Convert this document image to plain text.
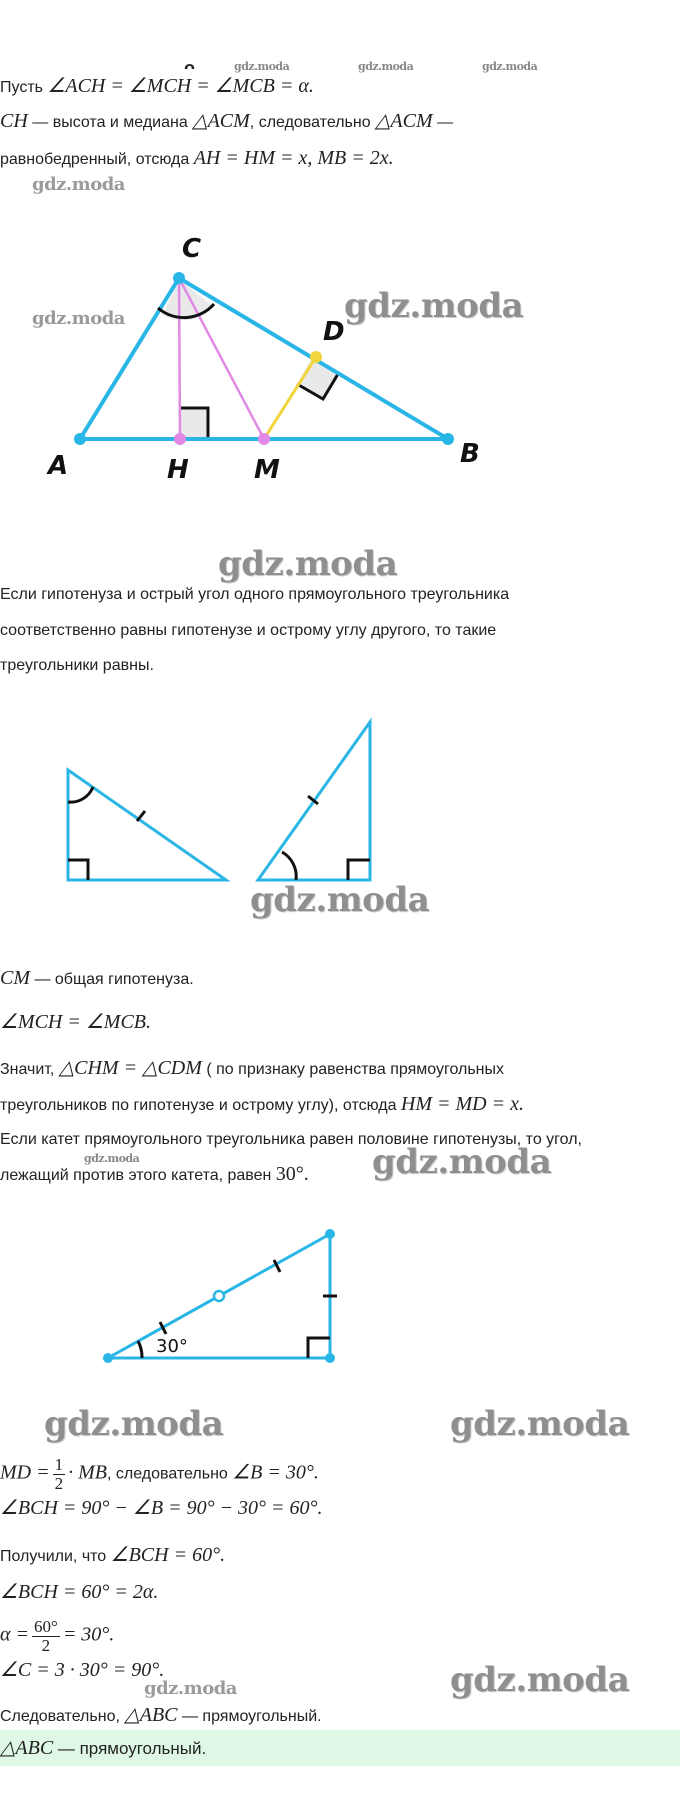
ᴖ	gdz.moda	gdz.moda	gdz.moda
Пусть ∠ACH = ∠MCH = ∠MCB = α.
CH — высота и медиана △ACM, следовательно △ACM —
равнобедренный, отсюда AH = HM = x, MB = 2x.
gdz.moda
C
D
A	H	M
B
gdz.moda	gdz.moda
gdz.moda
Если гипотенуза и острый угол одного прямоугольного треугольника
соответственно равны гипотенузе и острому углу другого, то такие
треугольники равны.
gdz.moda
CM — общая гипотенуза.
∠MCH = ∠MCB.
Значит, △CHM = △CDM ( по признаку равенства прямоугольных
треугольников по гипотенузе и острому углу), отсюда HM = MD = x.
Если катет прямоугольного треугольника равен половине гипотенузы, то угол,
лежащий против этого катета, равен 30°.
gdz.moda	gdz.moda
30°
gdz.moda	gdz.moda
MD = $\frac{1}{2}$ · MB, следовательно ∠B = 30°.
∠BCH = 90° − ∠B = 90° − 30° = 60°.
Получили, что ∠BCH = 60°.
∠BCH = 60° = 2α.
$\alpha = \frac{60^\circ}{2} = 30^\circ$.
∠C = 3 · 30° = 90°.
gdz.moda	gdz.moda
Следовательно, △ABC — прямоугольный.
△ABC — прямоугольный.
